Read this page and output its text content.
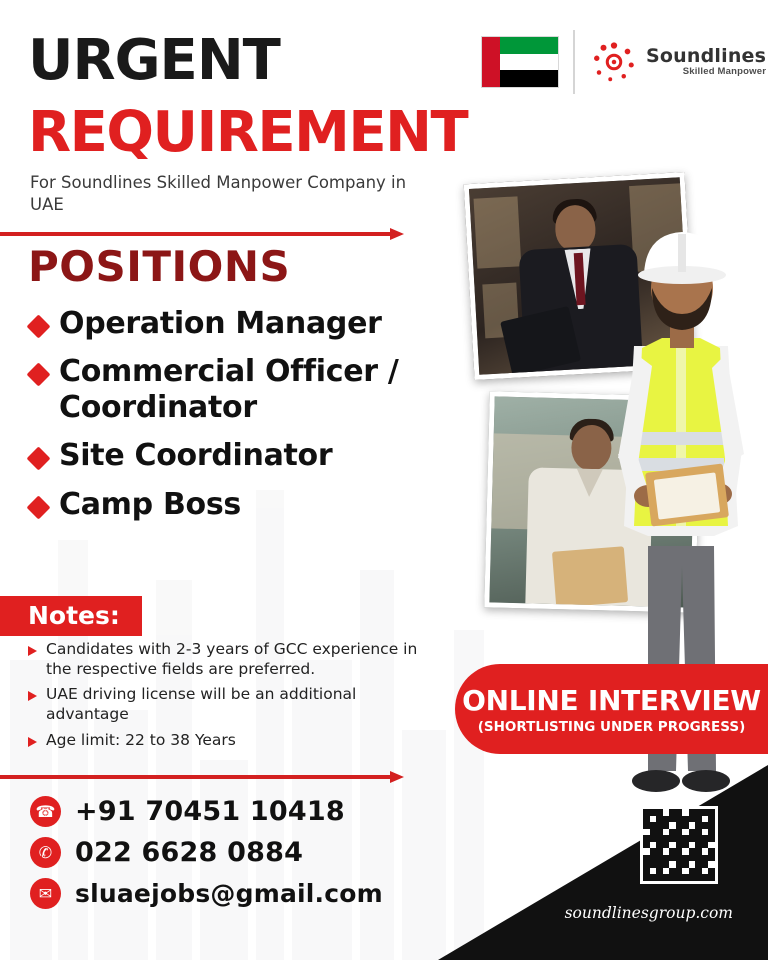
Soundlines
Skilled Manpower
URGENT
REQUIREMENT
For Soundlines Skilled Manpower Company in UAE
POSITIONS
Operation Manager
Commercial Officer / Coordinator
Site Coordinator
Camp Boss
Notes:
Candidates with 2-3 years of GCC experience in the respective fields are preferred.
UAE driving license will be an additional advantage
Age limit: 22 to 38 Years
☎ +91 70451 10418
✆ 022 6628 0884
✉ sluaejobs@gmail.com
ONLINE INTERVIEW
(SHORTLISTING UNDER PROGRESS)
soundlinesgroup.com
